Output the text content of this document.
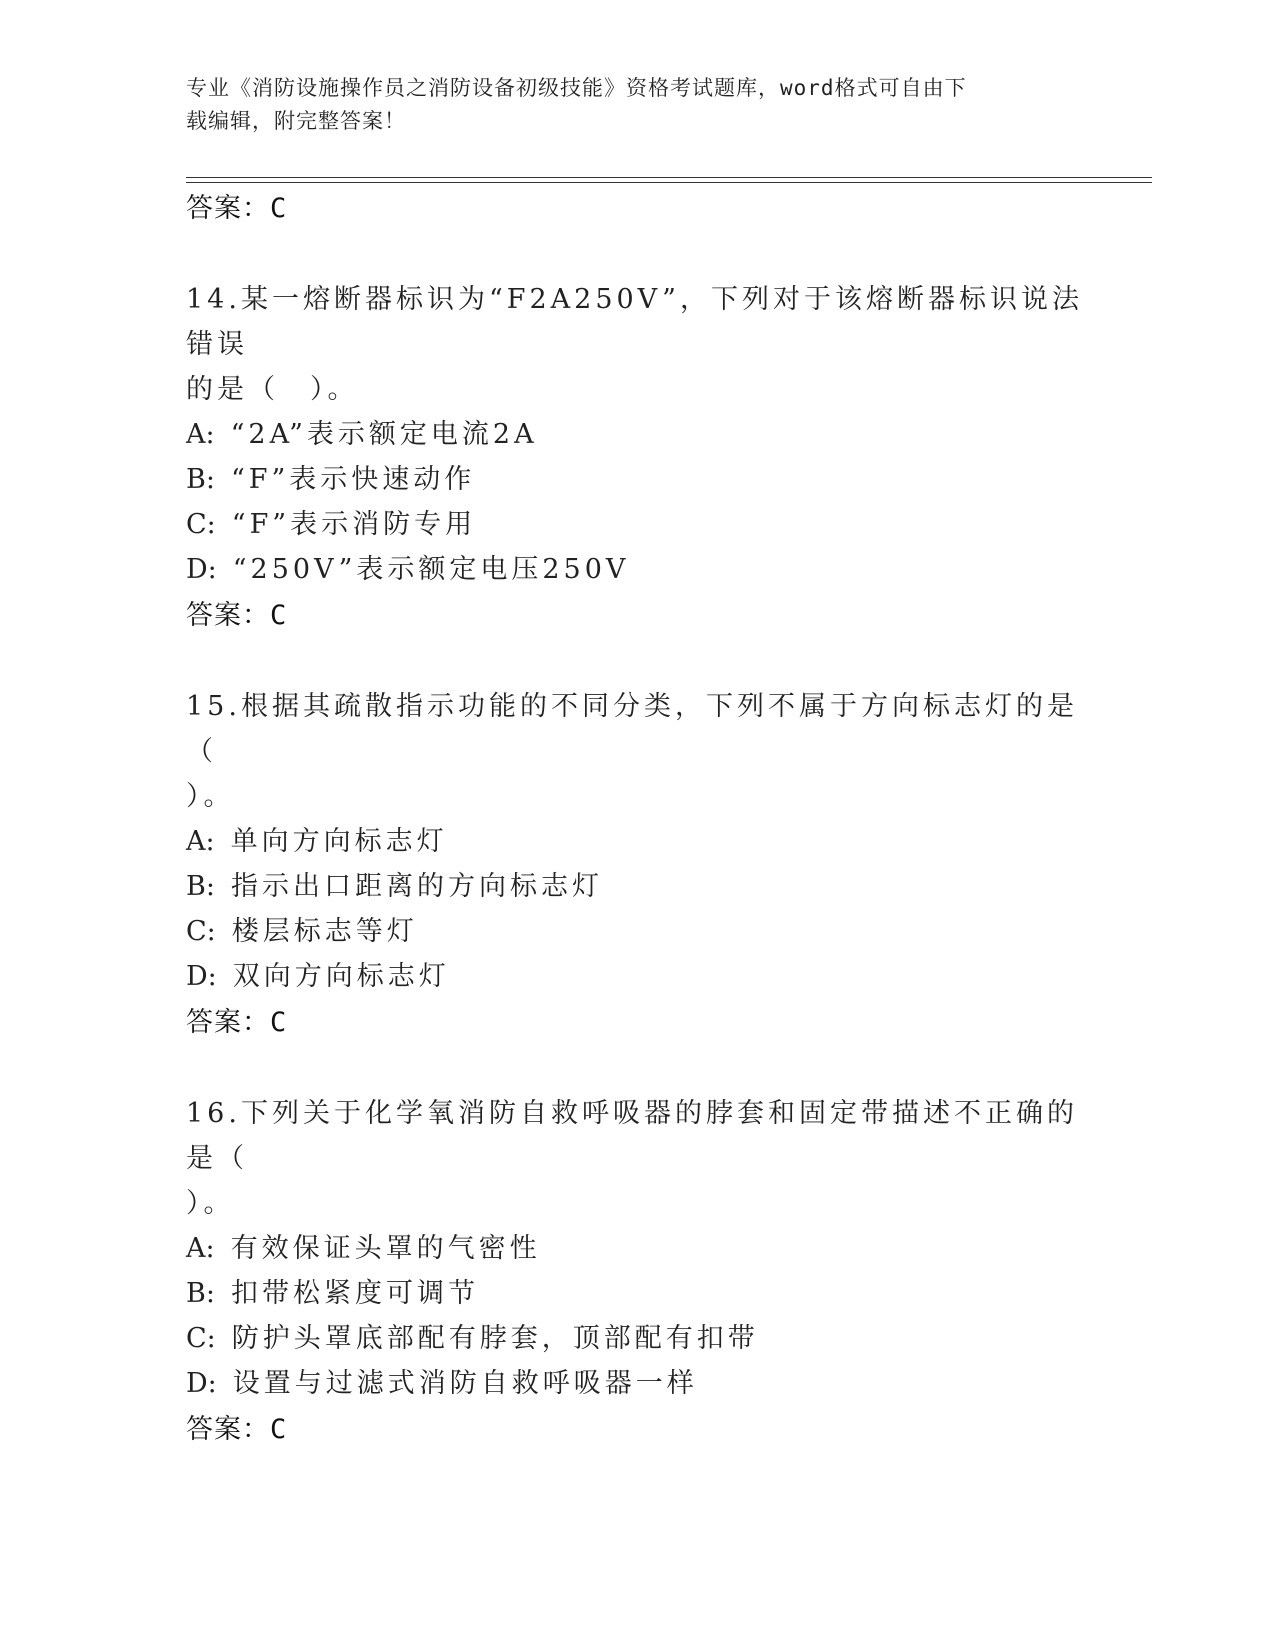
专业《消防设施操作员之消防设备初级技能》资格考试题库，word格式可自由下
载编辑，附完整答案！

答案：C

14.某一熔断器标识为“F2A250V”，下列对于该熔断器标识说法错误

的是（　）。

A: “2A”表示额定电流2A

B: “F”表示快速动作

C: “F”表示消防专用

D: “250V”表示额定电压250V

答案：C

15.根据其疏散指示功能的不同分类，下列不属于方向标志灯的是（

）。

A: 单向方向标志灯

B: 指示出口距离的方向标志灯

C: 楼层标志等灯

D: 双向方向标志灯

答案：C

16.下列关于化学氧消防自救呼吸器的脖套和固定带描述不正确的是（

）。

A: 有效保证头罩的气密性

B: 扣带松紧度可调节

C: 防护头罩底部配有脖套，顶部配有扣带

D: 设置与过滤式消防自救呼吸器一样

答案：C
